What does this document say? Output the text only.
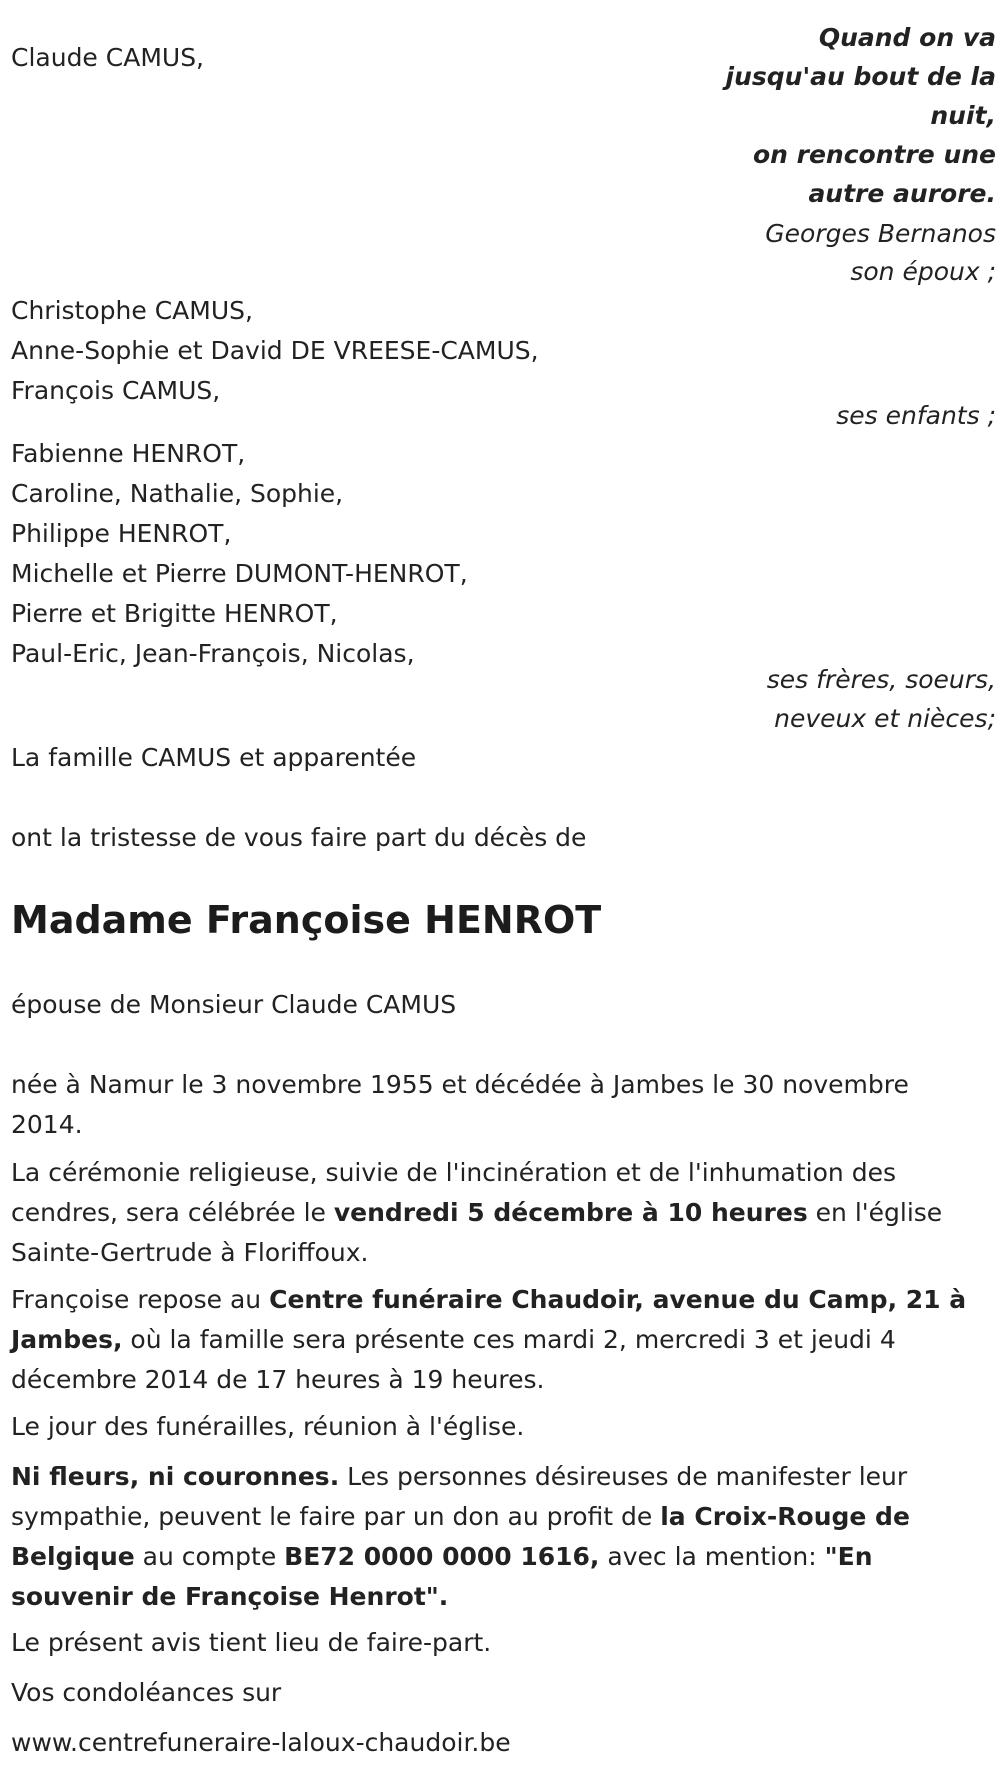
Claude CAMUS,
Quand on va
jusqu'au bout de la
nuit,
on rencontre une
autre aurore.
Georges Bernanos
son époux ;
Christophe CAMUS,
Anne-Sophie et David DE VREESE-CAMUS,
François CAMUS,
ses enfants ;
Fabienne HENROT,
Caroline, Nathalie, Sophie,
Philippe HENROT,
Michelle et Pierre DUMONT-HENROT,
Pierre et Brigitte HENROT,
Paul-Eric, Jean-François, Nicolas,
ses frères, soeurs,
neveux et nièces;
La famille CAMUS et apparentée
ont la tristesse de vous faire part du décès de
Madame Françoise HENROT
épouse de Monsieur Claude CAMUS
née à Namur le 3 novembre 1955 et décédée à Jambes le 30 novembre 2014.
La cérémonie religieuse, suivie de l'incinération et de l'inhumation des cendres, sera célébrée le vendredi 5 décembre à 10 heures en l'église Sainte-Gertrude à Floriffoux.
Françoise repose au Centre funéraire Chaudoir, avenue du Camp, 21 à Jambes, où la famille sera présente ces mardi 2, mercredi 3 et jeudi 4 décembre 2014 de 17 heures à 19 heures.
Le jour des funérailles, réunion à l'église.
Ni fleurs, ni couronnes. Les personnes désireuses de manifester leur sympathie, peuvent le faire par un don au profit de la Croix-Rouge de Belgique au compte BE72 0000 0000 1616, avec la mention: "En souvenir de Françoise Henrot".
Le présent avis tient lieu de faire-part.
Vos condoléances sur
www.centrefuneraire-laloux-chaudoir.be
